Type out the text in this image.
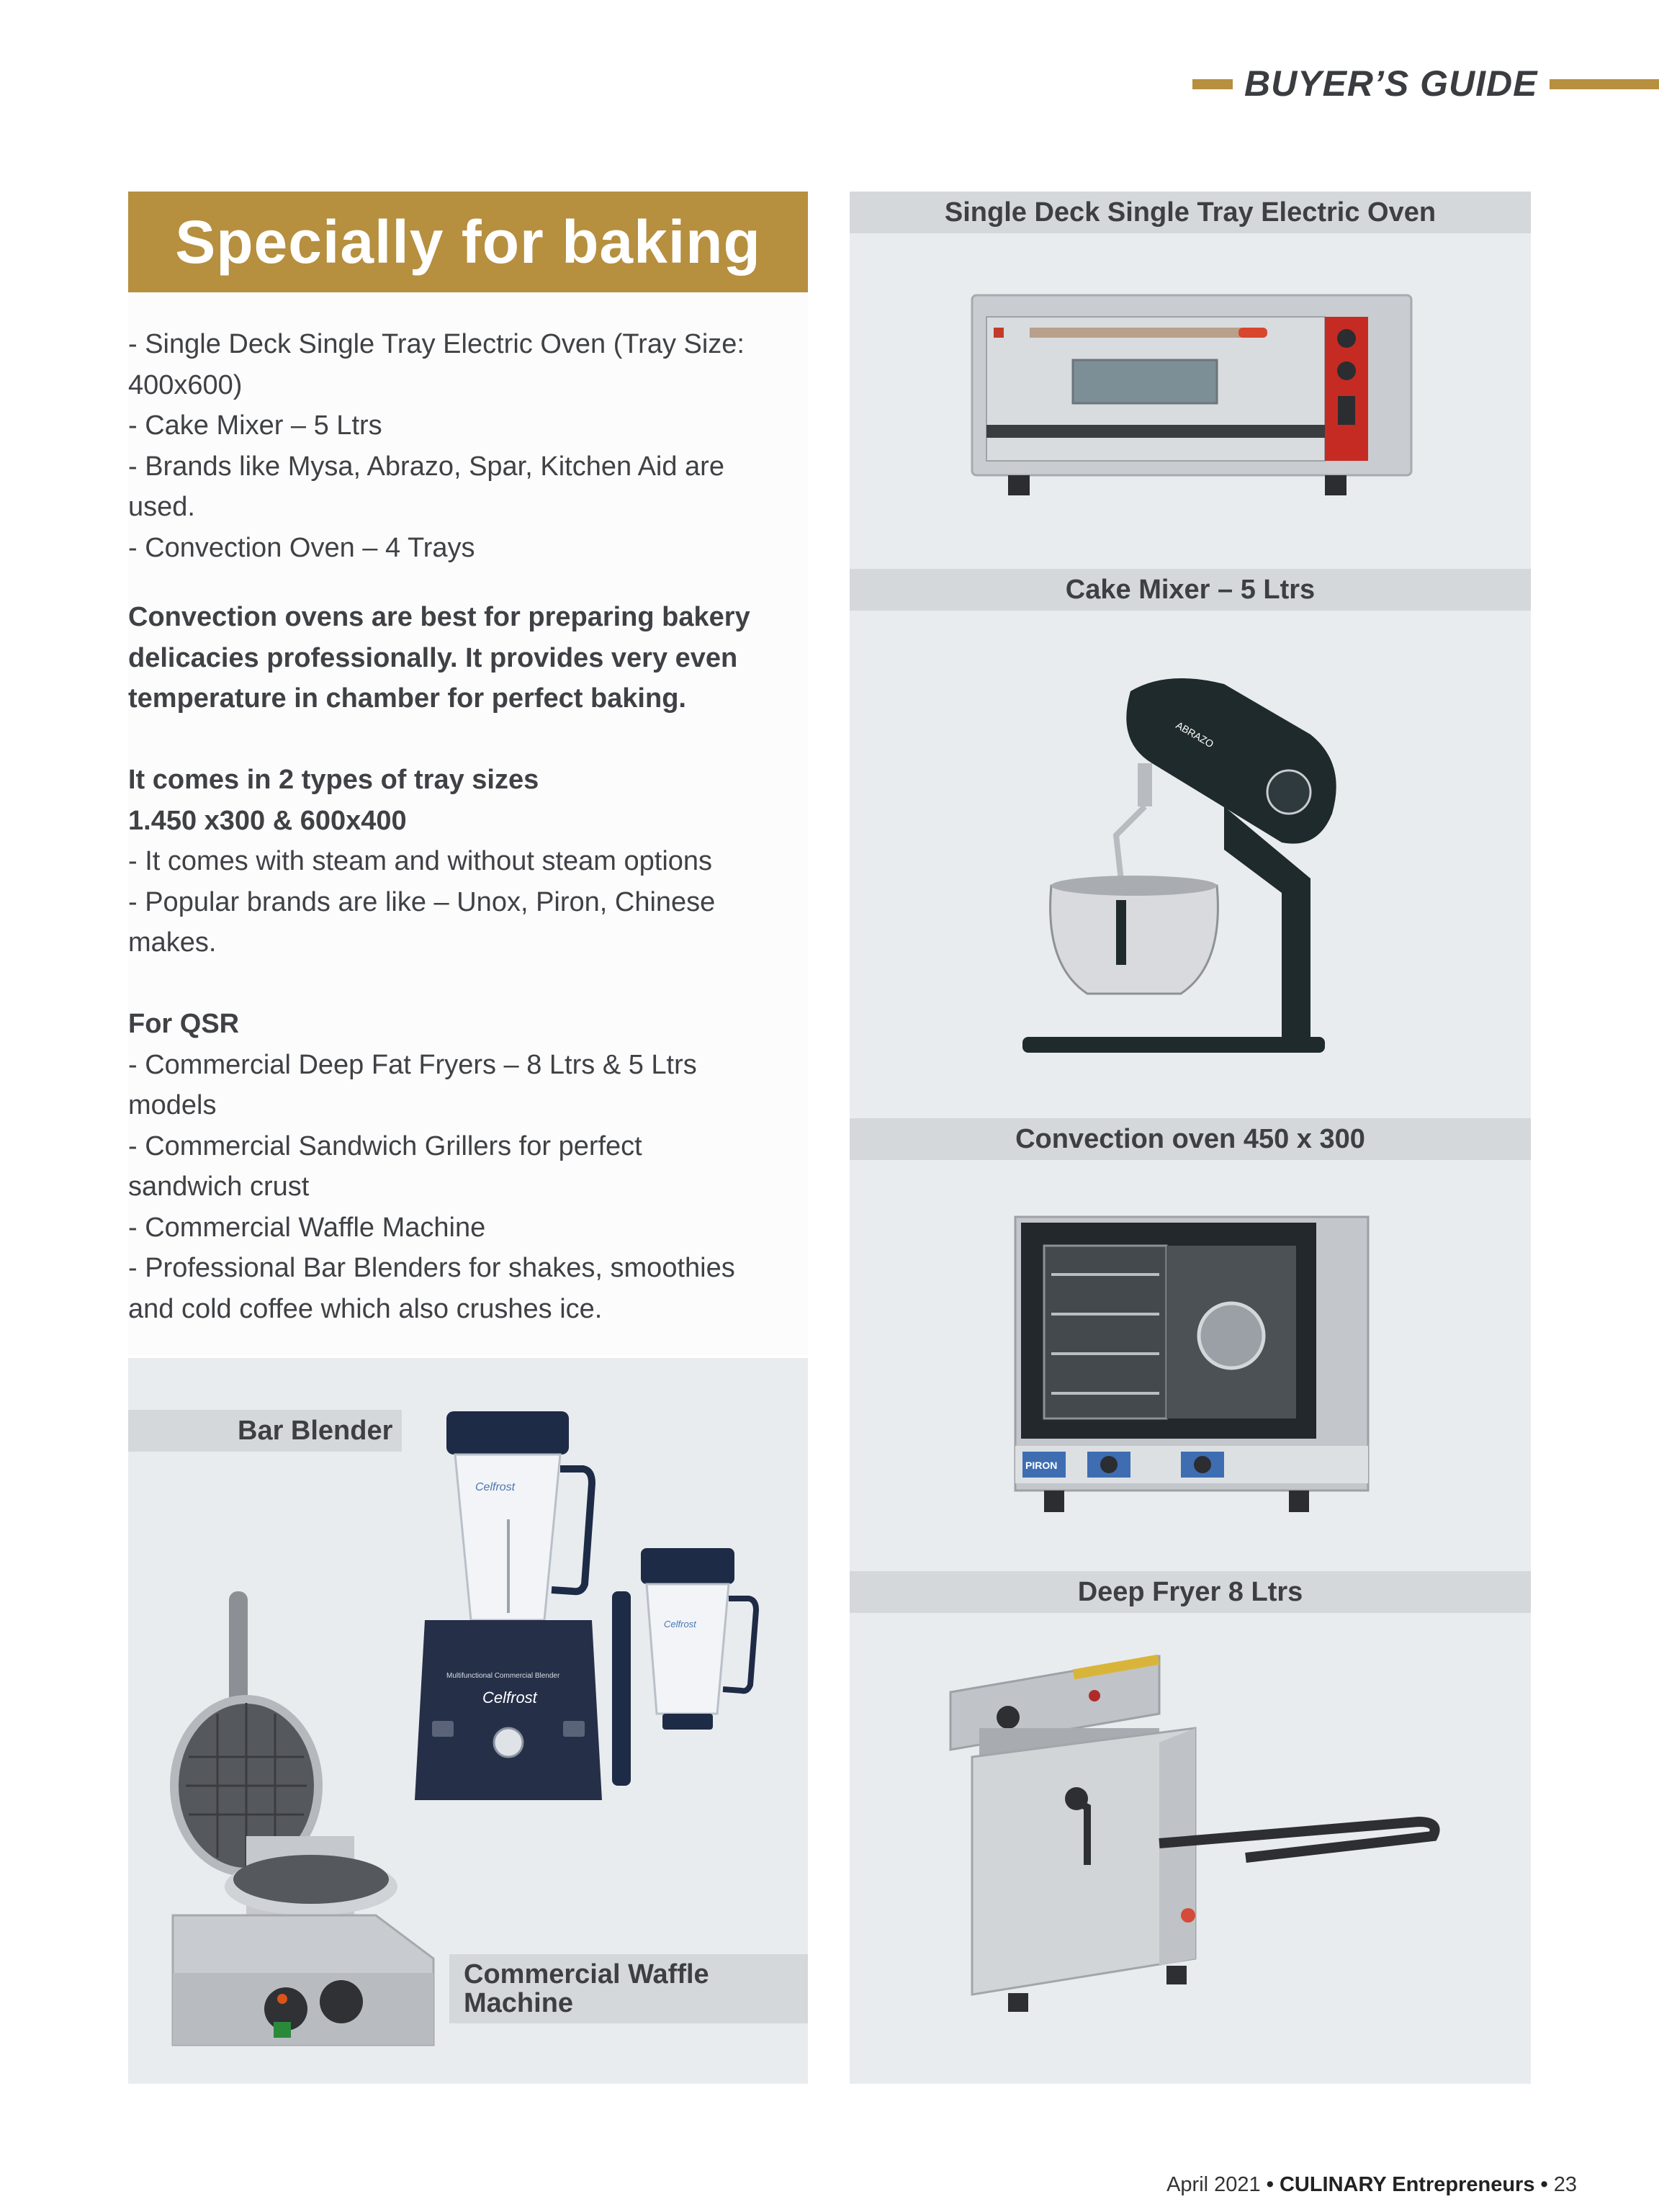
BUYER’S GUIDE
Specially for baking

- Single Deck Single Tray Electric Oven (Tray Size:

400x600)

- Cake Mixer – 5 Ltrs

- Brands like Mysa, Abrazo, Spar, Kitchen Aid are

used.

- Convection Oven – 4 Trays

Convection ovens are best for preparing bakery

delicacies professionally. It provides very even

temperature in chamber for perfect baking.

It comes in 2 types of tray sizes

1.450 x300 & 600x400

- It comes with steam and without steam options

- Popular brands are like – Unox, Piron, Chinese

makes.

For QSR

- Commercial Deep Fat Fryers – 8 Ltrs & 5 Ltrs

models

- Commercial Sandwich Grillers for perfect

sandwich crust

- Commercial Waffle Machine

- Professional Bar Blenders for shakes, smoothies

and cold coffee which also crushes ice.

Celfrost
Multifunctional Commercial Blender
Celfrost
Celfrost
Bar Blender
Commercial Waffle
Machine
Single Deck Single Tray Electric Oven
Cake Mixer – 5 Ltrs
ABRAZO
Convection oven 450 x 300
PIRON
Deep Fryer 8 Ltrs
April 2021 • CULINARY Entrepreneurs • 23
